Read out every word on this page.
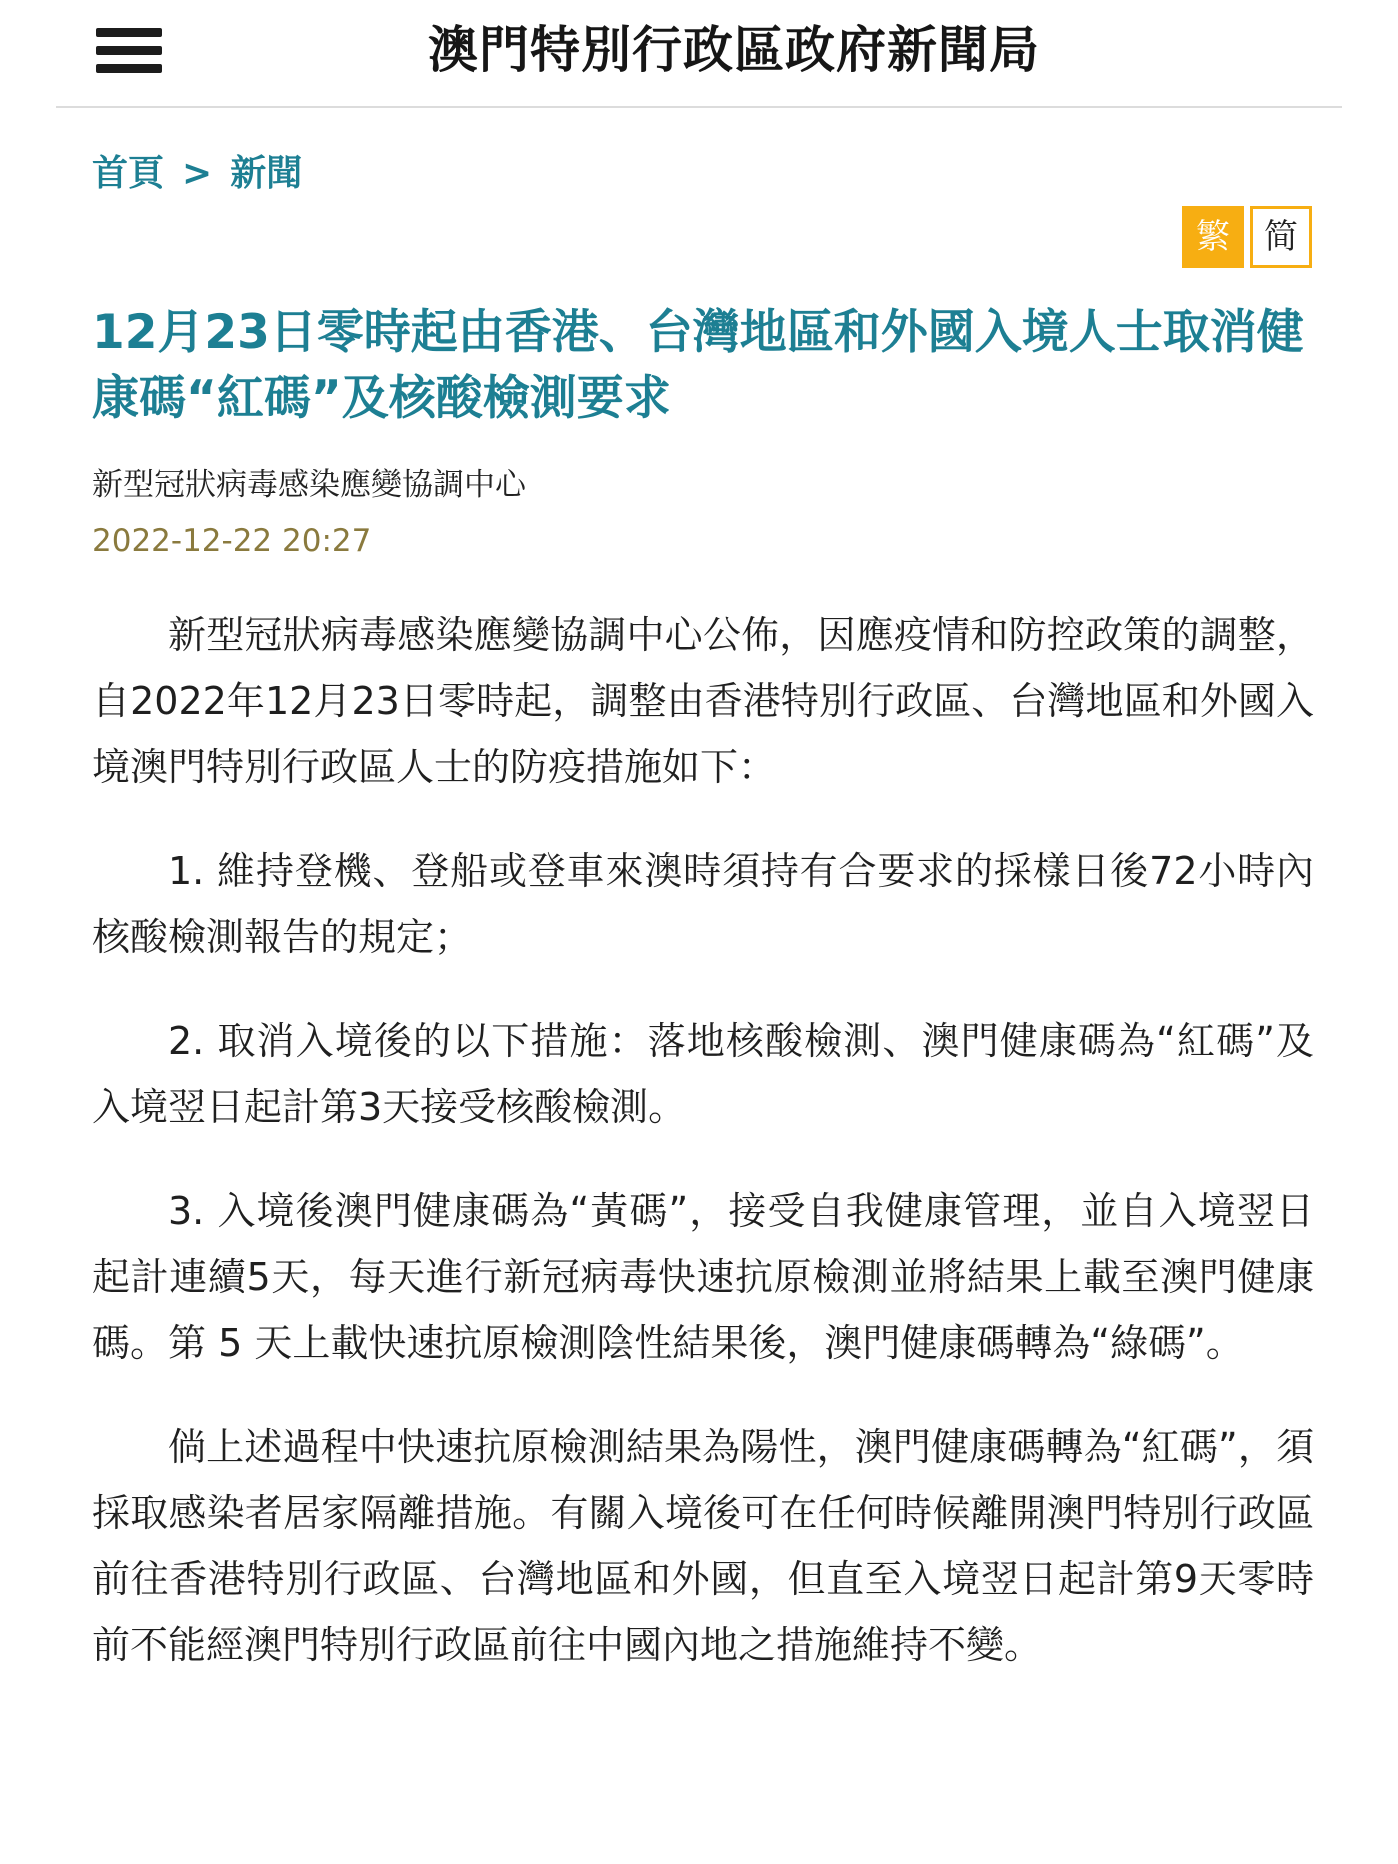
澳門特別行政區政府新聞局
首頁 > 新聞
繁	简
12月23日零時起由香港、台灣地區和外國入境人士取消健康碼“紅碼”及核酸檢測要求
新型冠狀病毒感染應變協調中心
2022-12-22 20:27

新型冠狀病毒感染應變協調中心公佈，因應疫情和防控政策的調整，自2022年12月23日零時起，調整由香港特別行政區、台灣地區和外國入境澳門特別行政區人士的防疫措施如下：

1. 維持登機、登船或登車來澳時須持有合要求的採樣日後72小時內核酸檢測報告的規定；

2. 取消入境後的以下措施：落地核酸檢測、澳門健康碼為“紅碼”及入境翌日起計第3天接受核酸檢測。

3. 入境後澳門健康碼為“黃碼”，接受自我健康管理，並自入境翌日起計連續5天，每天進行新冠病毒快速抗原檢測並將結果上載至澳門健康碼。第 5 天上載快速抗原檢測陰性結果後，澳門健康碼轉為“綠碼”。

倘上述過程中快速抗原檢測結果為陽性，澳門健康碼轉為“紅碼”，須採取感染者居家隔離措施。有關入境後可在任何時候離開澳門特別行政區前往香港特別行政區、台灣地區和外國，但直至入境翌日起計第9天零時前不能經澳門特別行政區前往中國內地之措施維持不變。
